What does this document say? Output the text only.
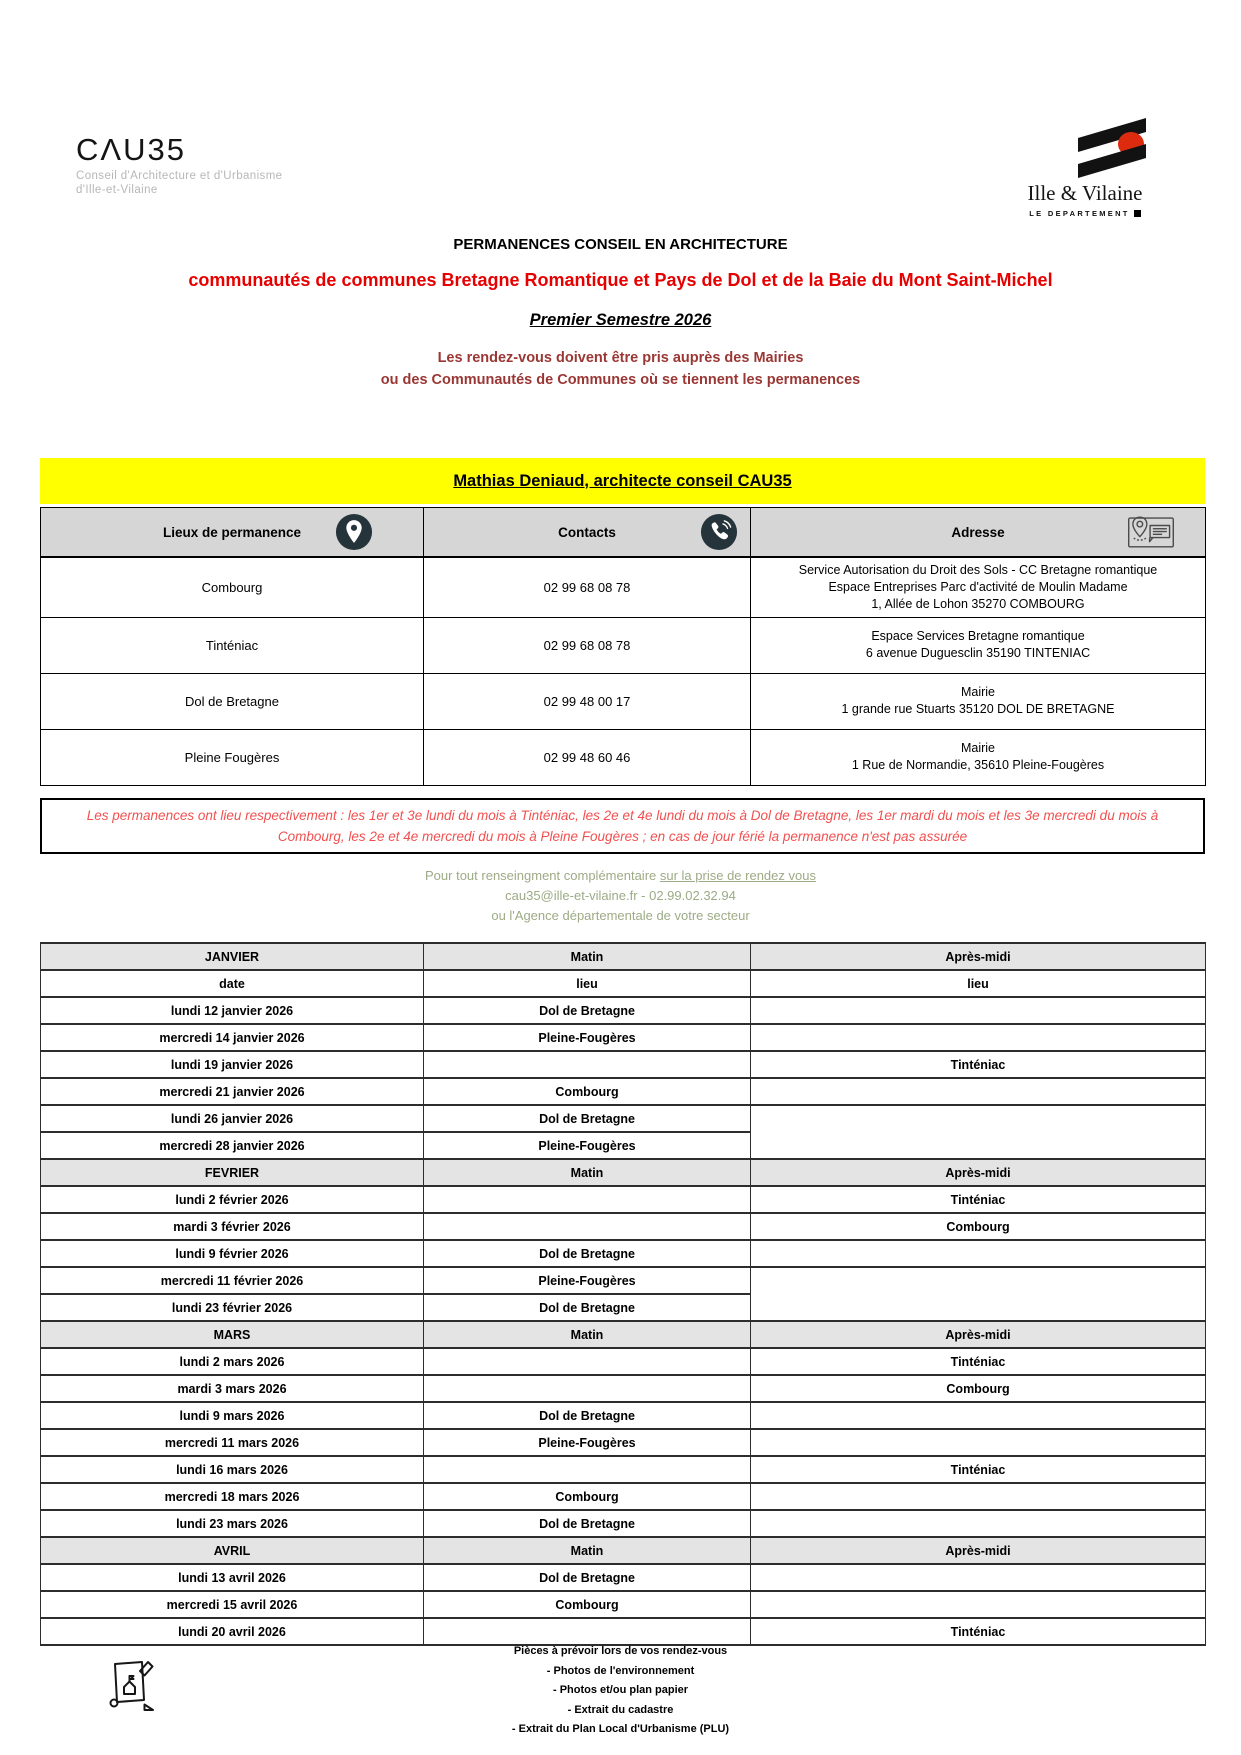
CΛU35
Conseil d'Architecture et d'Urbanisme
d'Ille-et-Vilaine	Ille & Vilaine
LE DEPARTEMENT
PERMANENCES CONSEIL EN ARCHITECTURE
communautés de communes Bretagne Romantique et Pays de Dol et de la Baie du Mont Saint-Michel
Premier Semestre 2026
Les rendez-vous doivent être pris auprès des Mairies
ou des Communautés de Communes où se tiennent les permanences
Mathias Deniaud, architecte conseil CAU35
Lieux de permanence	Contacts	Adresse

Combourg	02 99 68 08 78	Service Autorisation du Droit des Sols - CC Bretagne romantique
Espace Entreprises Parc d'activité de Moulin Madame
1, Allée de Lohon 35270 COMBOURG
Tinténiac	02 99 68 08 78	Espace Services Bretagne romantique
6 avenue Duguesclin 35190 TINTENIAC
Dol de Bretagne	02 99 48 00 17	Mairie
1 grande rue Stuarts 35120 DOL DE BRETAGNE
Pleine Fougères	02 99 48 60 46	Mairie
1 Rue de Normandie, 35610 Pleine-Fougères
Les permanences ont lieu respectivement : les 1er et 3e lundi du mois à Tinténiac, les 2e et 4e lundi du mois à Dol de Bretagne, les 1er mardi du mois et les 3e mercredi du mois à
Combourg, les 2e et 4e mercredi du mois à Pleine Fougères ; en cas de jour férié la permanence n'est pas assurée
Pour tout renseingment complémentaire sur la prise de rendez vous
cau35@ille-et-vilaine.fr - 02.99.02.32.94
ou l'Agence départementale de votre secteur
JANVIER	Matin	Après-midi
date	lieu	lieu
lundi 12 janvier 2026	Dol de Bretagne	
mercredi 14 janvier 2026	Pleine-Fougères	
lundi 19 janvier 2026		Tinténiac
mercredi 21 janvier 2026	Combourg	
lundi 26 janvier 2026	Dol de Bretagne	
mercredi 28 janvier 2026	Pleine-Fougères	
FEVRIER	Matin	Après-midi
lundi 2 février 2026		Tinténiac
mardi 3 février 2026		Combourg
lundi 9 février 2026	Dol de Bretagne	
mercredi 11 février 2026	Pleine-Fougères	
lundi 23 février 2026	Dol de Bretagne	
MARS	Matin	Après-midi
lundi 2 mars 2026		Tinténiac
mardi 3 mars 2026		Combourg
lundi 9 mars 2026	Dol de Bretagne	
mercredi 11 mars 2026	Pleine-Fougères	
lundi 16 mars 2026		Tinténiac
mercredi 18 mars 2026	Combourg	
lundi 23 mars 2026	Dol de Bretagne	
AVRIL	Matin	Après-midi
lundi 13 avril 2026	Dol de Bretagne	
mercredi 15 avril 2026	Combourg	
lundi 20 avril 2026		Tinténiac
Pièces à prévoir lors de vos rendez-vous
- Photos de l'environnement
- Photos et/ou plan papier
- Extrait du cadastre
- Extrait du Plan Local d'Urbanisme (PLU)
